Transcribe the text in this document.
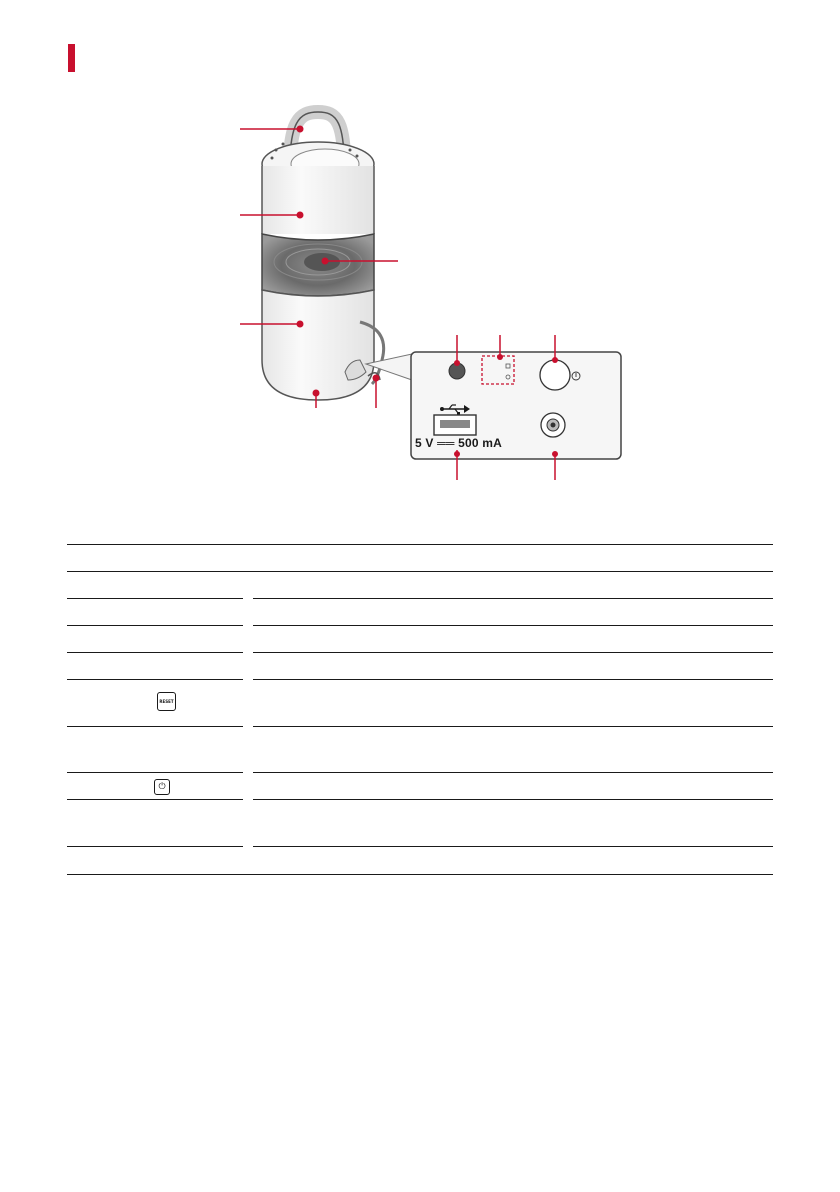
5 V ══ 500 mA
RESET
⏻
